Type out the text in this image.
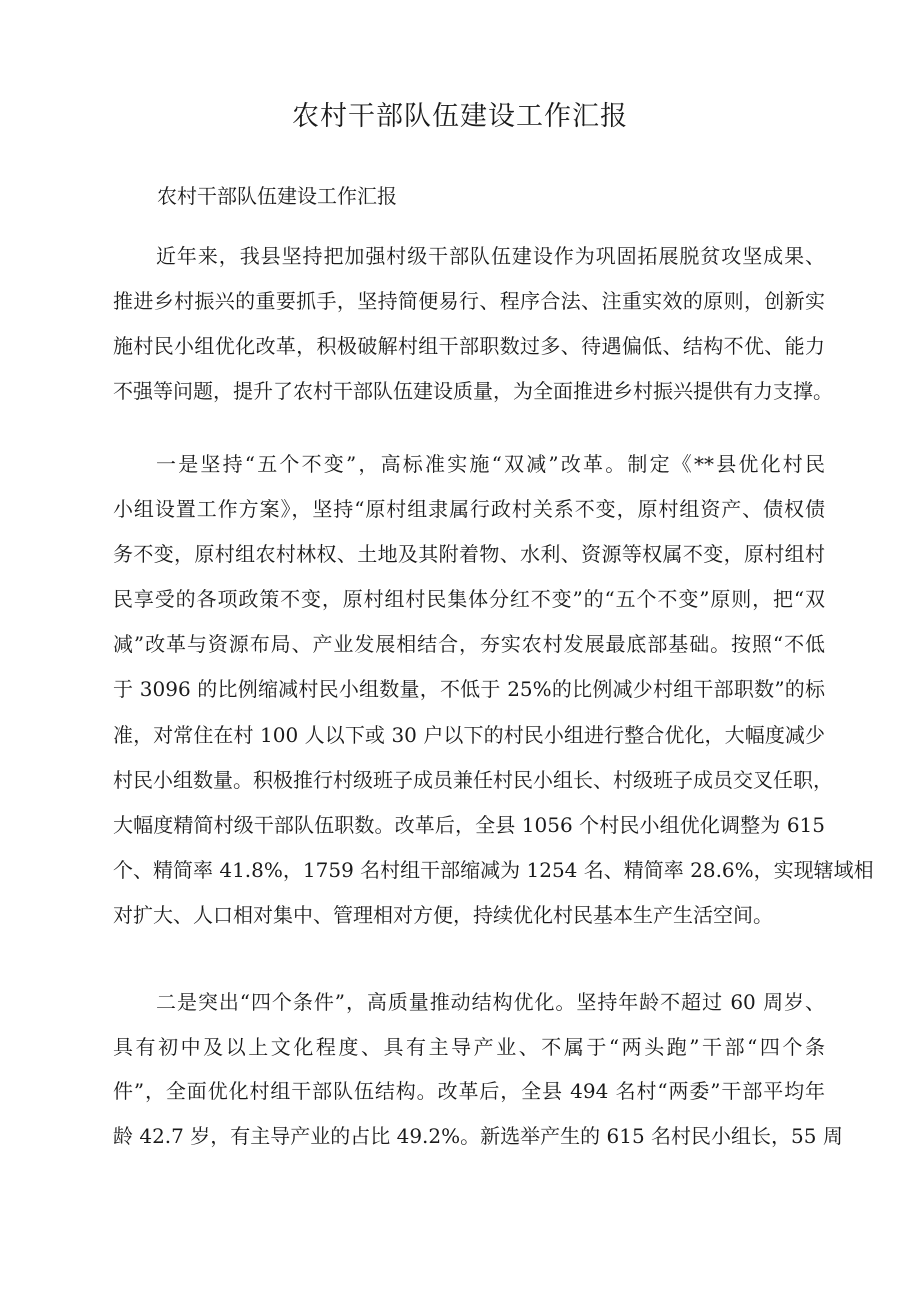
农村干部队伍建设工作汇报

农村干部队伍建设工作汇报

近年来，我县坚持把加强村级干部队伍建设作为巩固拓展脱贫攻坚成果、
推进乡村振兴的重要抓手，坚持简便易行、程序合法、注重实效的原则，创新实
施村民小组优化改革，积极破解村组干部职数过多、待遇偏低、结构不优、能力
不强等问题，提升了农村干部队伍建设质量，为全面推进乡村振兴提供有力支撑。
一是坚持“五个不变”，高标准实施“双减”改革。制定《**县优化村民
小组设置工作方案》，坚持“原村组隶属行政村关系不变，原村组资产、债权债
务不变，原村组农村林权、土地及其附着物、水利、资源等权属不变，原村组村
民享受的各项政策不变，原村组村民集体分红不变”的“五个不变”原则，把“双
减”改革与资源布局、产业发展相结合，夯实农村发展最底部基础。按照“不低
于 3096 的比例缩减村民小组数量，不低于 25%的比例减少村组干部职数”的标
准，对常住在村 100 人以下或 30 户以下的村民小组进行整合优化，大幅度减少
村民小组数量。积极推行村级班子成员兼任村民小组长、村级班子成员交叉任职，
大幅度精简村级干部队伍职数。改革后，全县 1056 个村民小组优化调整为 615
个、精简率 41.8%，1759 名村组干部缩减为 1254 名、精简率 28.6%，实现辖域相
对扩大、人口相对集中、管理相对方便，持续优化村民基本生产生活空间。
二是突出“四个条件”，高质量推动结构优化。坚持年龄不超过 60 周岁、
具有初中及以上文化程度、具有主导产业、不属于“两头跑”干部“四个条
件”，全面优化村组干部队伍结构。改革后，全县 494 名村“两委”干部平均年
龄 42.7 岁，有主导产业的占比 49.2%。新选举产生的 615 名村民小组长，55 周
